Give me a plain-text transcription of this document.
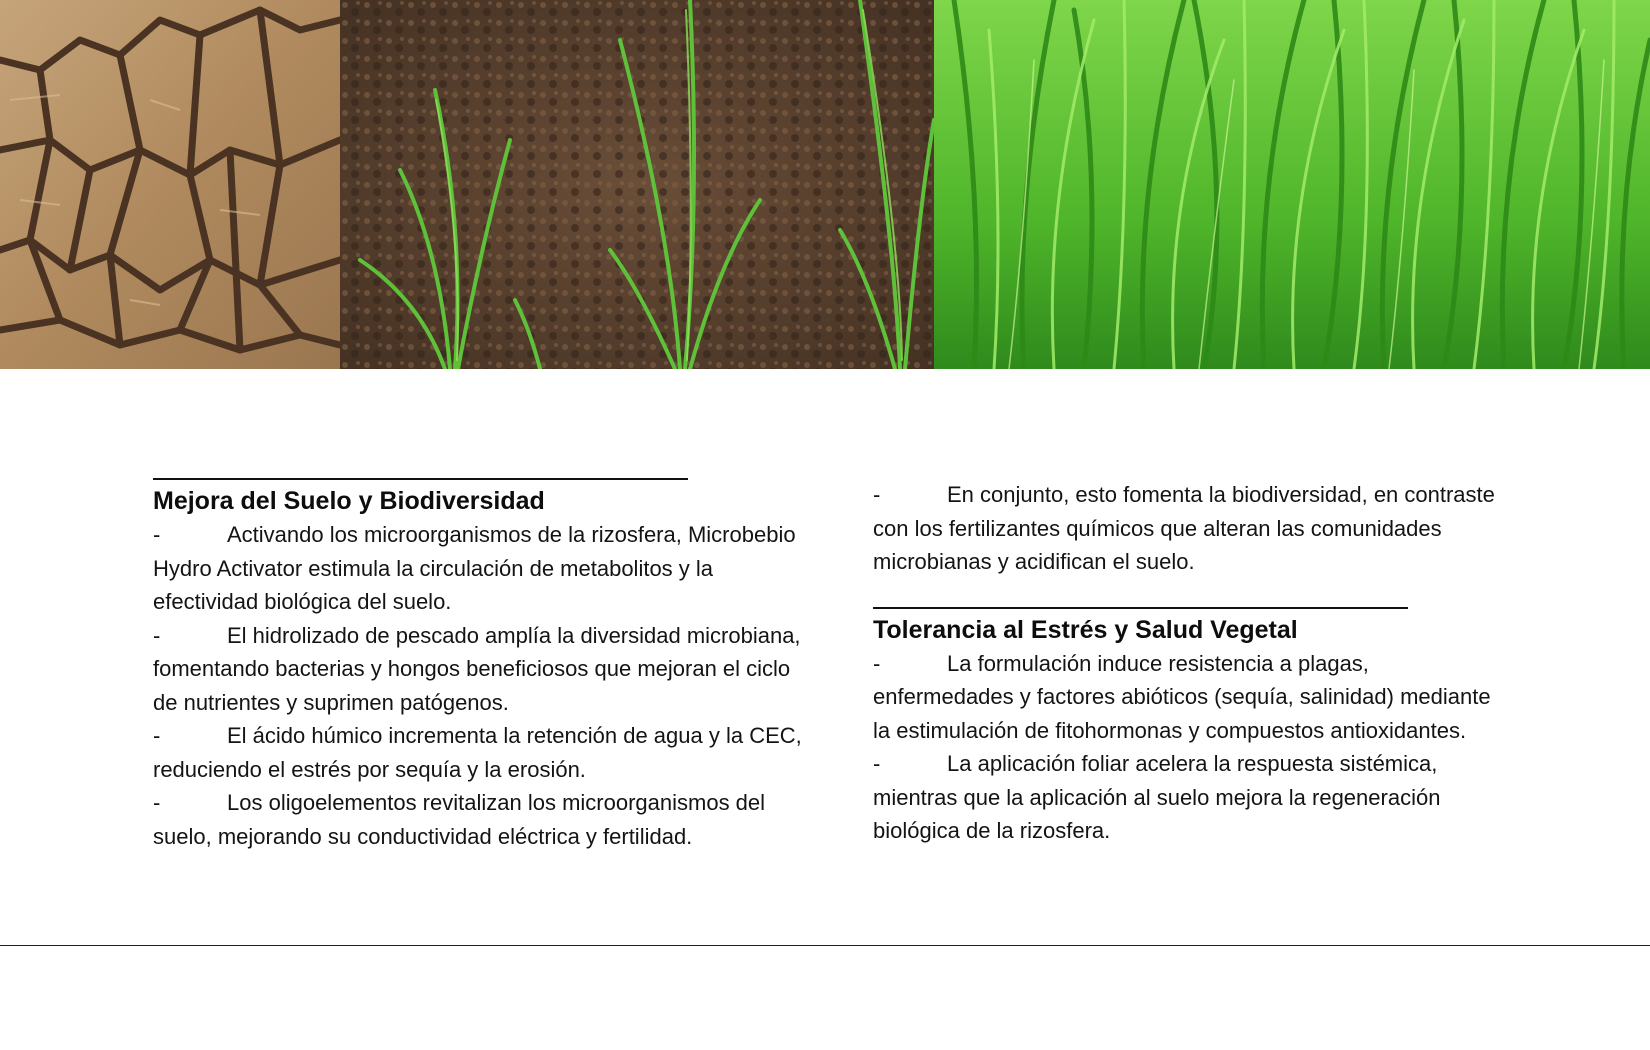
Mejora del Suelo y Biodiversidad

-	Activando los microorganismos de la rizosfera, Microbebio Hydro Activator estimula la circulación de metabolitos y la efectividad biológica del suelo.

-	El hidrolizado de pescado amplía la diversidad microbiana, fomentando bacterias y hongos beneficiosos que mejoran el ciclo de nutrientes y suprimen patógenos.

-	El ácido húmico incrementa la retención de agua y la CEC, reduciendo el estrés por sequía y la erosión.

-	Los oligoelementos revitalizan los microorganismos del suelo, mejorando su conductividad eléctrica y fertilidad.

-	En conjunto, esto fomenta la biodiversidad, en contraste con los fertilizantes químicos que alteran las comunidades microbianas y acidifican el suelo.

Tolerancia al Estrés y Salud Vegetal

-	La formulación induce resistencia a plagas, enfermedades y factores abióticos (sequía, salinidad) mediante la estimulación de fitohormonas y compuestos antioxidantes.

-	La aplicación foliar acelera la respuesta sistémica, mientras que la aplicación al suelo mejora la regeneración biológica de la rizosfera.
